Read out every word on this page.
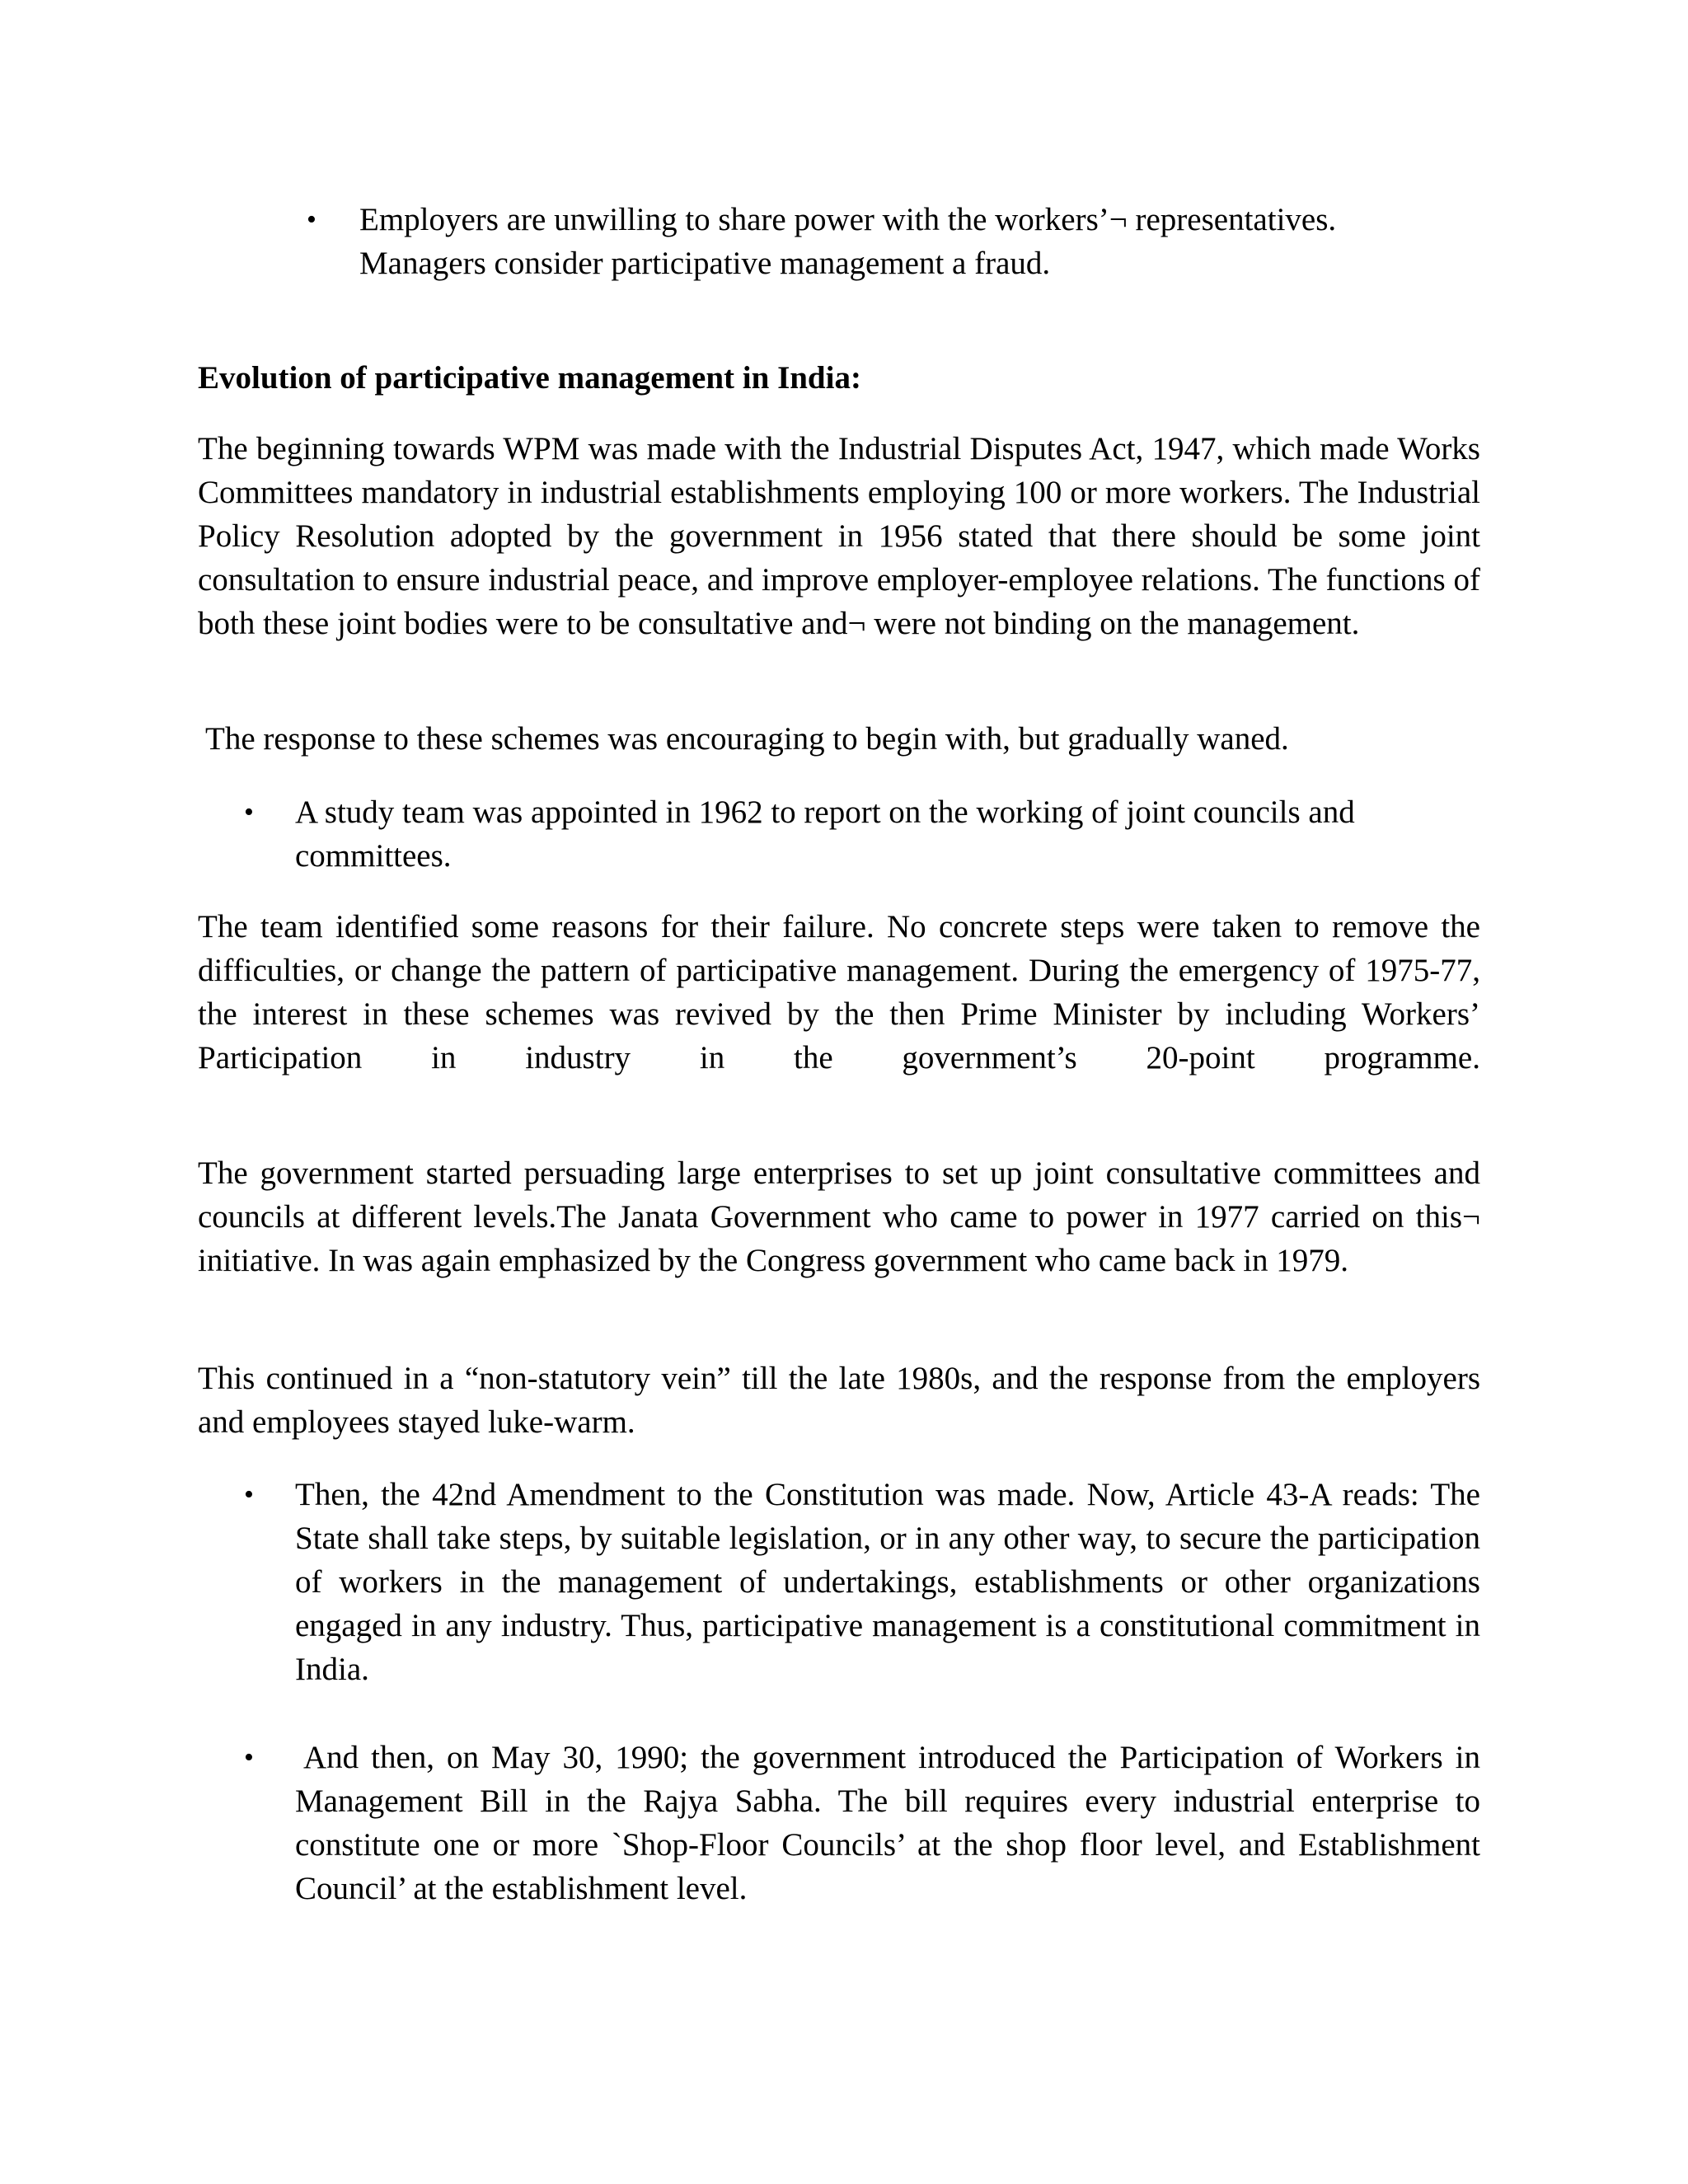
• Employers are unwilling to share power with the workers’¬ representatives.
Managers consider participative management a fraud.

Evolution of participative management in India:

The beginning towards WPM was made with the Industrial Disputes Act, 1947, which made Works Committees mandatory in industrial establishments employing 100 or more workers. The Industrial Policy Resolution adopted by the government in 1956 stated that there should be some joint consultation to ensure industrial peace, and improve employer-employee relations. The functions of both these joint bodies were to be consultative and¬ were not binding on the management.

The response to these schemes was encouraging to begin with, but gradually waned.

• A study team was appointed in 1962 to report on the working of joint councils and committees.

The team identified some reasons for their failure. No concrete steps were taken to remove the difficulties, or change the pattern of participative management. During the emergency of 1975-77, the interest in these schemes was revived by the then Prime Minister by including Workers’ Participation in industry in the government’s 20-point programme.

The government started persuading large enterprises to set up joint consultative committees and councils at different levels.The Janata Government who came to power in 1977 carried on this¬ initiative. In was again emphasized by the Congress government who came back in 1979.

This continued in a “non-statutory vein” till the late 1980s, and the response from the employers and employees stayed luke-warm.

• Then, the 42nd Amendment to the Constitution was made. Now, Article 43-A reads: The State shall take steps, by suitable legislation, or in any other way, to secure the participation of workers in the management of undertakings, establishments or other organizations engaged in any industry. Thus, participative management is a constitutional commitment in India.

• And then, on May 30, 1990; the government introduced the Participation of Workers in Management Bill in the Rajya Sabha. The bill requires every industrial enterprise to constitute one or more `Shop-Floor Councils’ at the shop floor level, and Establishment Council’ at the establishment level.
